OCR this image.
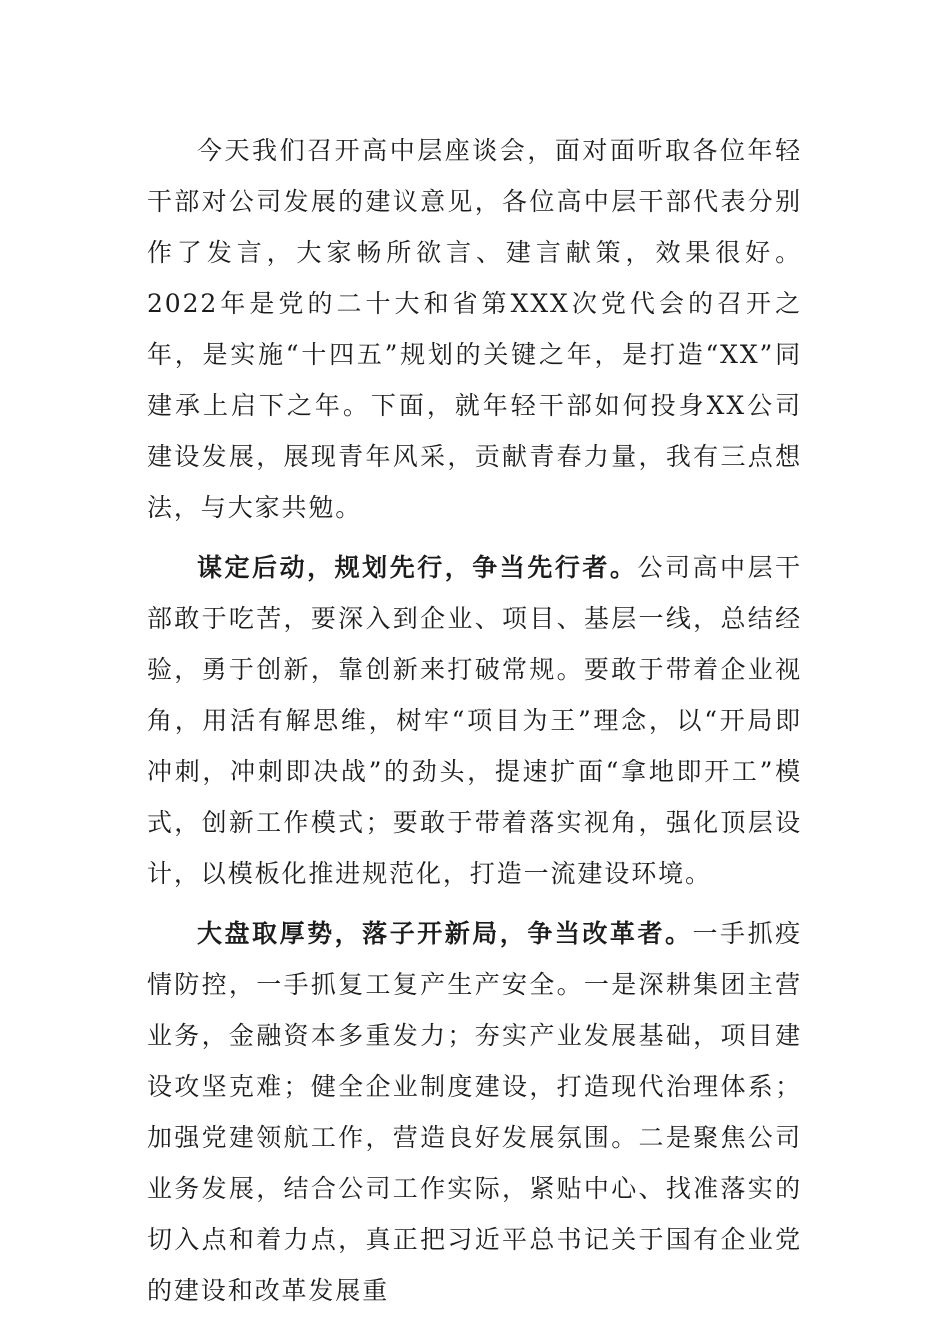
今天我们召开高中层座谈会，面对面听取各位年轻干部对公司发展的建议意见，各位高中层干部代表分别作了发言，大家畅所欲言、建言献策，效果很好。2022年是党的二十大和省第XXX次党代会的召开之年，是实施“十四五”规划的关键之年，是打造“XX”同建承上启下之年。下面，就年轻干部如何投身XX公司建设发展，展现青年风采，贡献青春力量，我有三点想法，与大家共勉。

谋定后动，规划先行，争当先行者。公司高中层干部敢于吃苦，要深入到企业、项目、基层一线，总结经验，勇于创新，靠创新来打破常规。要敢于带着企业视角，用活有解思维，树牢“项目为王”理念，以“开局即冲刺，冲刺即决战”的劲头，提速扩面“拿地即开工”模式，创新工作模式；要敢于带着落实视角，强化顶层设计，以模板化推进规范化，打造一流建设环境。

大盘取厚势，落子开新局，争当改革者。一手抓疫情防控，一手抓复工复产生产安全。一是深耕集团主营业务，金融资本多重发力；夯实产业发展基础，项目建设攻坚克难；健全企业制度建设，打造现代治理体系；加强党建领航工作，营造良好发展氛围。二是聚焦公司业务发展，结合公司工作实际，紧贴中心、找准落实的切入点和着力点，真正把习近平总书记关于国有企业党的建设和改革发展重
